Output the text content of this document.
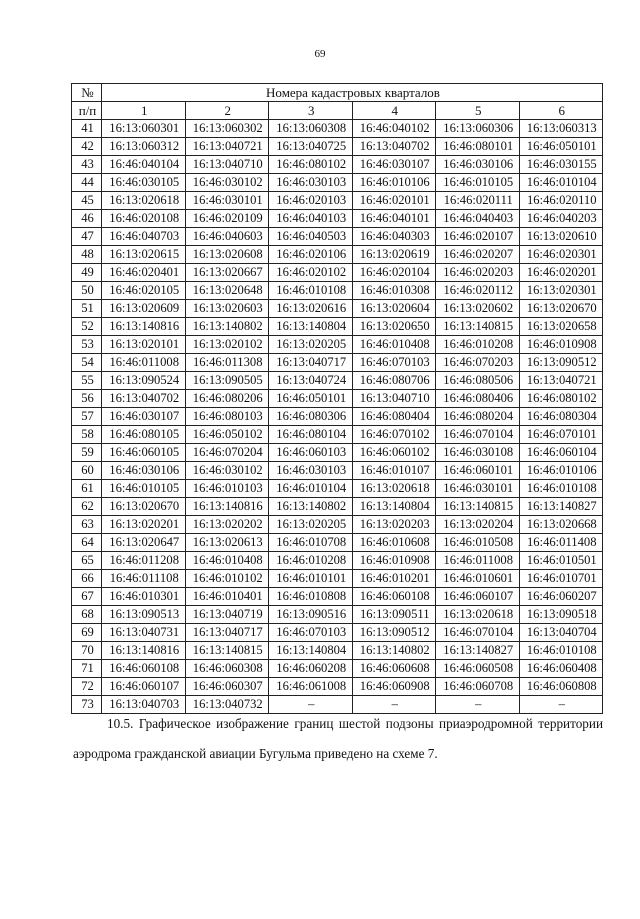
69
№	Номера кадастровых кварталов					
п/п	1	2	3	4	5	6
41	16:13:060301	16:13:060302	16:13:060308	16:46:040102	16:13:060306	16:13:060313
42	16:13:060312	16:13:040721	16:13:040725	16:13:040702	16:46:080101	16:46:050101
43	16:46:040104	16:13:040710	16:46:080102	16:46:030107	16:46:030106	16:46:030155
44	16:46:030105	16:46:030102	16:46:030103	16:46:010106	16:46:010105	16:46:010104
45	16:13:020618	16:46:030101	16:46:020103	16:46:020101	16:46:020111	16:46:020110
46	16:46:020108	16:46:020109	16:46:040103	16:46:040101	16:46:040403	16:46:040203
47	16:46:040703	16:46:040603	16:46:040503	16:46:040303	16:46:020107	16:13:020610
48	16:13:020615	16:13:020608	16:46:020106	16:13:020619	16:46:020207	16:46:020301
49	16:46:020401	16:13:020667	16:46:020102	16:46:020104	16:46:020203	16:46:020201
50	16:46:020105	16:13:020648	16:46:010108	16:46:010308	16:46:020112	16:13:020301
51	16:13:020609	16:13:020603	16:13:020616	16:13:020604	16:13:020602	16:13:020670
52	16:13:140816	16:13:140802	16:13:140804	16:13:020650	16:13:140815	16:13:020658
53	16:13:020101	16:13:020102	16:13:020205	16:46:010408	16:46:010208	16:46:010908
54	16:46:011008	16:46:011308	16:13:040717	16:46:070103	16:46:070203	16:13:090512
55	16:13:090524	16:13:090505	16:13:040724	16:46:080706	16:46:080506	16:13:040721
56	16:13:040702	16:46:080206	16:46:050101	16:13:040710	16:46:080406	16:46:080102
57	16:46:030107	16:46:080103	16:46:080306	16:46:080404	16:46:080204	16:46:080304
58	16:46:080105	16:46:050102	16:46:080104	16:46:070102	16:46:070104	16:46:070101
59	16:46:060105	16:46:070204	16:46:060103	16:46:060102	16:46:030108	16:46:060104
60	16:46:030106	16:46:030102	16:46:030103	16:46:010107	16:46:060101	16:46:010106
61	16:46:010105	16:46:010103	16:46:010104	16:13:020618	16:46:030101	16:46:010108
62	16:13:020670	16:13:140816	16:13:140802	16:13:140804	16:13:140815	16:13:140827
63	16:13:020201	16:13:020202	16:13:020205	16:13:020203	16:13:020204	16:13:020668
64	16:13:020647	16:13:020613	16:46:010708	16:46:010608	16:46:010508	16:46:011408
65	16:46:011208	16:46:010408	16:46:010208	16:46:010908	16:46:011008	16:46:010501
66	16:46:011108	16:46:010102	16:46:010101	16:46:010201	16:46:010601	16:46:010701
67	16:46:010301	16:46:010401	16:46:010808	16:46:060108	16:46:060107	16:46:060207
68	16:13:090513	16:13:040719	16:13:090516	16:13:090511	16:13:020618	16:13:090518
69	16:13:040731	16:13:040717	16:46:070103	16:13:090512	16:46:070104	16:13:040704
70	16:13:140816	16:13:140815	16:13:140804	16:13:140802	16:13:140827	16:46:010108
71	16:46:060108	16:46:060308	16:46:060208	16:46:060608	16:46:060508	16:46:060408
72	16:46:060107	16:46:060307	16:46:061008	16:46:060908	16:46:060708	16:46:060808
73	16:13:040703	16:13:040732	–	–	–	–
10.5. Графическое изображение границ шестой подзоны приаэродромной территории аэродрома гражданской авиации Бугульма приведено на схеме 7.
